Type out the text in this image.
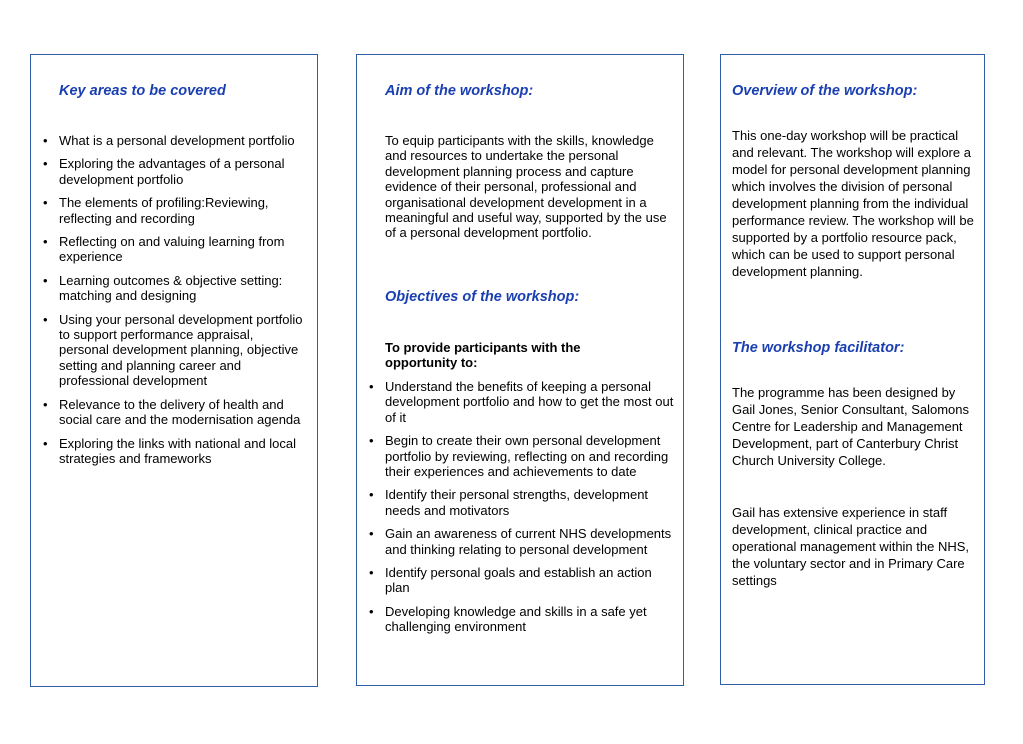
Key areas to be covered
• What is a personal development portfolio
• Exploring the advantages of a personal development portfolio
• The elements of profiling:Reviewing, reflecting and recording
• Reflecting on and valuing learning from experience
• Learning outcomes & objective setting: matching and designing
• Using your personal development portfolio to support performance appraisal, personal development planning, objective setting and planning career and professional development
• Relevance to the delivery of health and social care and the modernisation agenda
• Exploring the links with national and local strategies and frameworks
Aim of the workshop:

To equip participants with the skills, knowledge and resources to undertake the personal development planning process and capture evidence of their personal, professional and organisational development development in a meaningful and useful way, supported by the use of a personal development portfolio.

Objectives of the workshop:

To provide participants with the opportunity to:

• Understand the benefits of keeping a personal development portfolio and how to get the most out of it
• Begin to create their own personal development portfolio by reviewing, reflecting on and recording their experiences and achievements to date
• Identify their personal strengths, development needs and motivators
• Gain an awareness of current NHS developments and thinking relating to personal development
• Identify personal goals and establish an action plan
• Developing knowledge and skills in a safe yet challenging environment
Overview of the workshop:

This one-day workshop will be practical and relevant. The workshop will explore a model for personal development planning which involves the division of personal development planning from the individual performance review. The workshop will be supported by a portfolio resource pack, which can be used to support personal development planning.

The workshop facilitator:

The programme has been designed by Gail Jones, Senior Consultant, Salomons Centre for Leadership and Management Development, part of Canterbury Christ Church University College.

Gail has extensive experience in staff development, clinical practice and operational management within the NHS, the voluntary sector and in Primary Care settings
